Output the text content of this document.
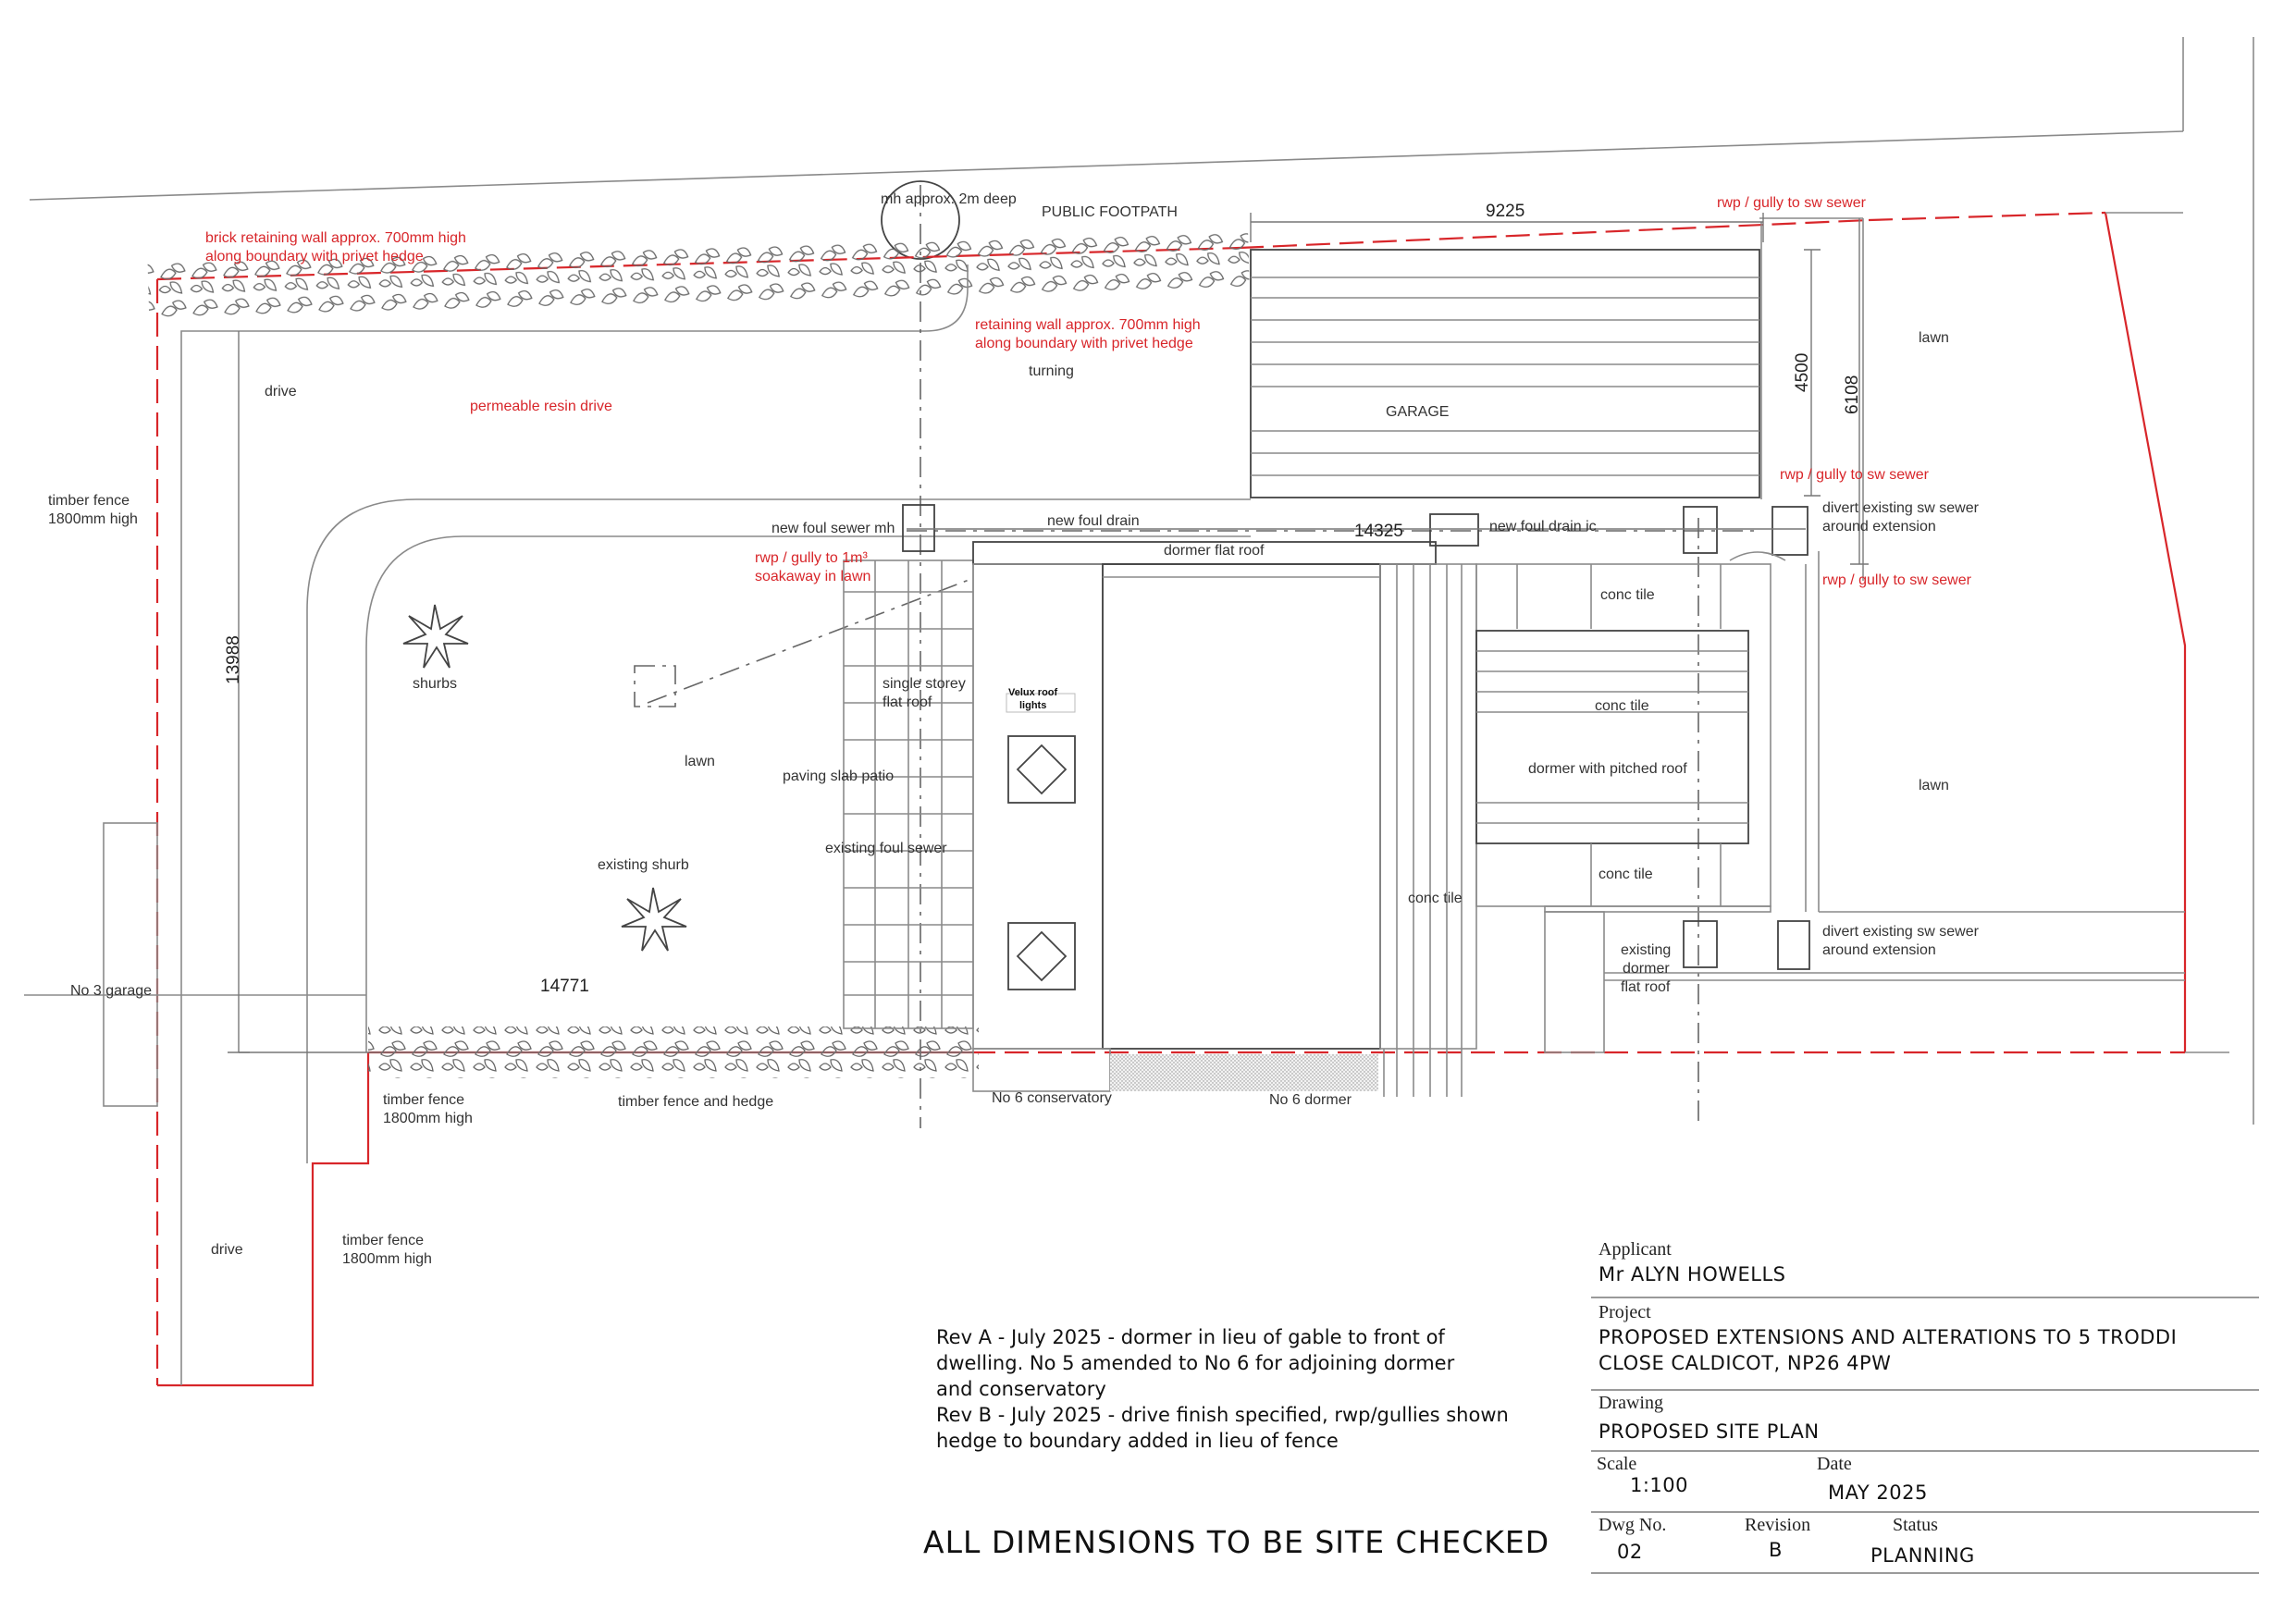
mh approx. 2m deep
PUBLIC FOOTPATH
brick retaining wall approx. 700mm high
along boundary with privet hedge
retaining wall approx. 700mm high
along boundary with privet hedge
rwp / gully to sw sewer
rwp / gully to sw sewer
rwp / gully to sw sewer
rwp / gully to 1m³
soakaway in lawn
permeable resin drive
drive
drive
turning
GARAGE
lawn
lawn
lawn
timber fence
1800mm high
timber fence
1800mm high
timber fence
1800mm high
timber fence and hedge
new foul sewer mh	new foul drain	new foul drain ic
divert existing sw sewer
around extension
divert existing sw sewer
around extension
dormer flat roof
conc tile
conc tile
conc tile
conc tile
dormer with pitched roof
single storey
flat roof
Velux roof
lights
paving slab patio
existing foul sewer
shurbs
existing shurb
No 3 garage
existing
dormer
flat roof
No 6 conservatory	No 6 dormer
9225
4500
6108
14325
13988
14771
Rev A - July 2025 - dormer in lieu of gable to front of
dwelling. No 5 amended to No 6 for adjoining dormer
and conservatory
Rev B - July 2025 - drive finish specified, rwp/gullies shown
hedge to boundary added in lieu of fence
ALL DIMENSIONS TO BE SITE CHECKED
Applicant
Mr ALYN HOWELLS
Project
PROPOSED EXTENSIONS AND ALTERATIONS TO 5 TRODDI
CLOSE CALDICOT, NP26 4PW
Drawing
PROPOSED SITE PLAN
Scale
1:100
Date
MAY 2025
Dwg No.
02
Revision
B
Status
PLANNING
